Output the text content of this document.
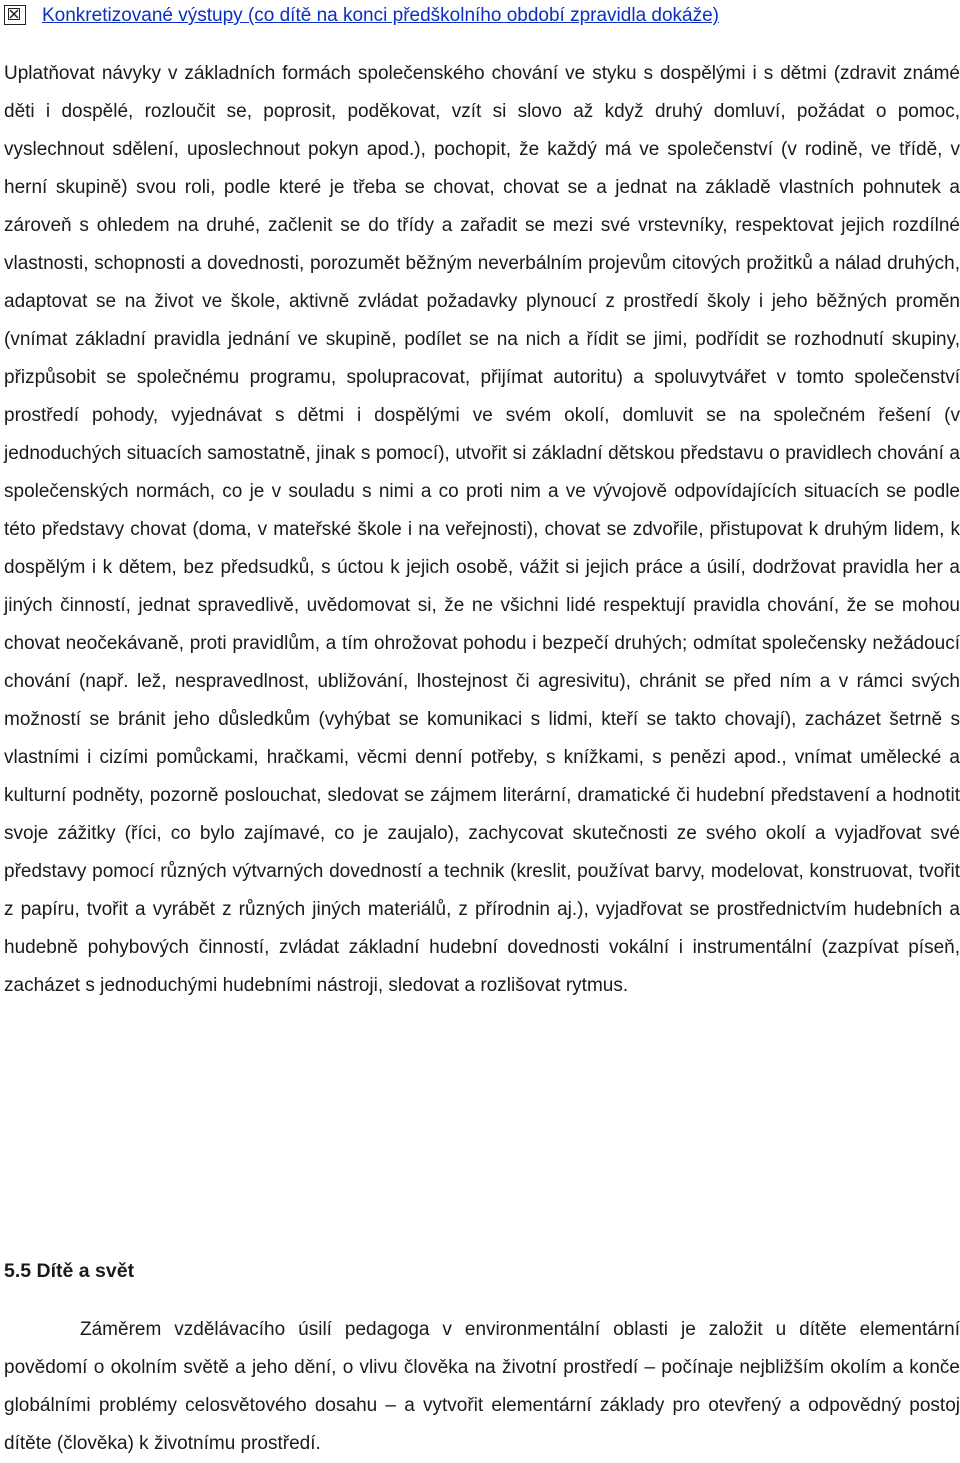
Konkretizované výstupy (co dítě na konci předškolního období zpravidla dokáže)

Uplatňovat návyky v základních formách společenského chování ve styku s dospělými i s dětmi (zdravit známé děti i dospělé, rozloučit se, poprosit, poděkovat, vzít si slovo až když druhý domluví, požádat o pomoc, vyslechnout sdělení, uposlechnout pokyn apod.), pochopit, že každý má ve společenství (v rodině, ve třídě, v herní skupině) svou roli, podle které je třeba se chovat, chovat se a jednat na základě vlastních pohnutek a zároveň s ohledem na druhé, začlenit se do třídy a zařadit se mezi své vrstevníky, respektovat jejich rozdílné vlastnosti, schopnosti a dovednosti, porozumět běžným neverbálním projevům citových prožitků a nálad druhých, adaptovat se na život ve škole, aktivně zvládat požadavky plynoucí z prostředí školy i jeho běžných proměn (vnímat základní pravidla jednání ve skupině, podílet se na nich a řídit se jimi, podřídit se rozhodnutí skupiny, přizpůsobit se společnému programu, spolupracovat, přijímat autoritu) a spoluvytvářet v tomto společenství prostředí pohody, vyjednávat s dětmi i dospělými ve svém okolí, domluvit se na společném řešení (v jednoduchých situacích samostatně, jinak s pomocí), utvořit si základní dětskou představu o pravidlech chování a společenských normách, co je v souladu s nimi a co proti nim a ve vývojově odpovídajících situacích se podle této představy chovat (doma, v mateřské škole i na veřejnosti), chovat se zdvořile, přistupovat k druhým lidem, k dospělým i k dětem, bez předsudků, s úctou k jejich osobě, vážit si jejich práce a úsilí, dodržovat pravidla her a jiných činností, jednat spravedlivě, uvědomovat si, že ne všichni lidé respektují pravidla chování, že se mohou chovat neočekávaně, proti pravidlům, a tím ohrožovat pohodu i bezpečí druhých; odmítat společensky nežádoucí chování (např. lež, nespravedlnost, ubližování, lhostejnost či agresivitu), chránit se před ním a v rámci svých možností se bránit jeho důsledkům (vyhýbat se komunikaci s lidmi, kteří se takto chovají), zacházet šetrně s vlastními i cizími pomůckami, hračkami, věcmi denní potřeby, s knížkami, s penězi apod., vnímat umělecké a kulturní podněty, pozorně poslouchat, sledovat se zájmem literární, dramatické či hudební představení a hodnotit svoje zážitky (říci, co bylo zajímavé, co je zaujalo), zachycovat skutečnosti ze svého okolí a vyjadřovat své představy pomocí různých výtvarných dovedností a technik (kreslit, používat barvy, modelovat, konstruovat, tvořit z papíru, tvořit a vyrábět z různých jiných materiálů, z přírodnin aj.), vyjadřovat se prostřednictvím hudebních a hudebně pohybových činností, zvládat základní hudební dovednosti vokální i instrumentální (zazpívat píseň, zacházet s jednoduchými hudebními nástroji, sledovat a rozlišovat rytmus.

5.5 Dítě a svět

Záměrem vzdělávacího úsilí pedagoga v environmentální oblasti je založit u dítěte elementární povědomí o okolním světě a jeho dění, o vlivu člověka na životní prostředí – počínaje nejbližším okolím a konče globálními problémy celosvětového dosahu – a vytvořit elementární základy pro otevřený a odpovědný postoj dítěte (člověka) k životnímu prostředí.
